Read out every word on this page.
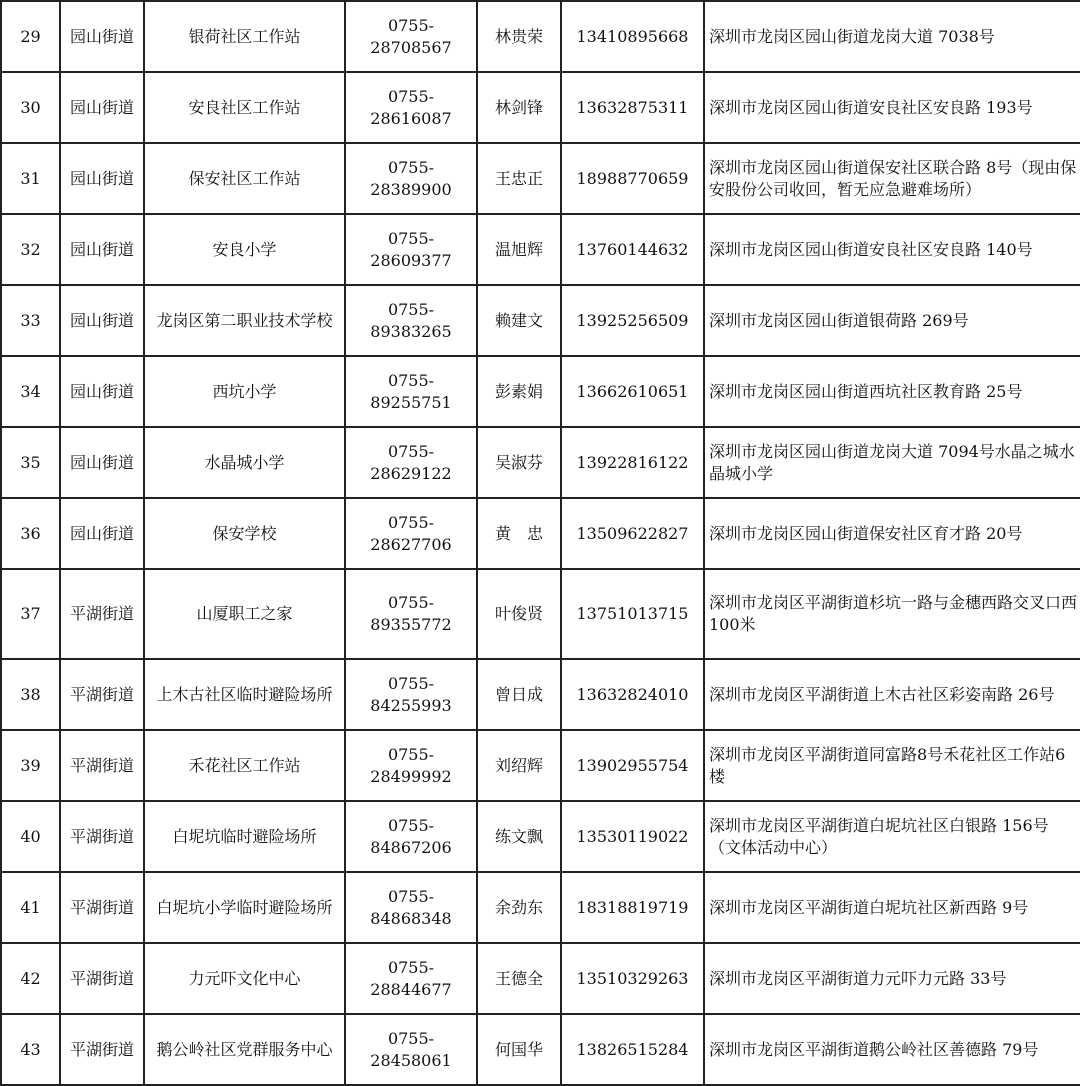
29	园山街道	银荷社区工作站	0755-28708567	林贵荣	13410895668	深圳市龙岗区园山街道龙岗大道 7038号
30	园山街道	安良社区工作站	0755-28616087	林剑锋	13632875311	深圳市龙岗区园山街道安良社区安良路 193号
31	园山街道	保安社区工作站	0755-28389900	王忠正	18988770659	深圳市龙岗区园山街道保安社区联合路 8号（现由保安股份公司收回，暂无应急避难场所）
32	园山街道	安良小学	0755-28609377	温旭辉	13760144632	深圳市龙岗区园山街道安良社区安良路 140号
33	园山街道	龙岗区第二职业技术学校	0755-89383265	赖建文	13925256509	深圳市龙岗区园山街道银荷路 269号
34	园山街道	西坑小学	0755-89255751	彭素娟	13662610651	深圳市龙岗区园山街道西坑社区教育路 25号
35	园山街道	水晶城小学	0755-28629122	吴淑芬	13922816122	深圳市龙岗区园山街道龙岗大道 7094号水晶之城水晶城小学
36	园山街道	保安学校	0755-28627706	黄　忠	13509622827	深圳市龙岗区园山街道保安社区育才路 20号
37	平湖街道	山厦职工之家	0755-89355772	叶俊贤	13751013715	深圳市龙岗区平湖街道杉坑一路与金穗西路交叉口西100米
38	平湖街道	上木古社区临时避险场所	0755-84255993	曾日成	13632824010	深圳市龙岗区平湖街道上木古社区彩姿南路 26号
39	平湖街道	禾花社区工作站	0755-28499992	刘绍辉	13902955754	深圳市龙岗区平湖街道同富路8号禾花社区工作站6楼
40	平湖街道	白坭坑临时避险场所	0755-84867206	练文飘	13530119022	深圳市龙岗区平湖街道白坭坑社区白银路 156号（文体活动中心）
41	平湖街道	白坭坑小学临时避险场所	0755-84868348	余劲东	18318819719	深圳市龙岗区平湖街道白坭坑社区新西路 9号
42	平湖街道	力元吓文化中心	0755-28844677	王德全	13510329263	深圳市龙岗区平湖街道力元吓力元路 33号
43	平湖街道	鹅公岭社区党群服务中心	0755-28458061	何国华	13826515284	深圳市龙岗区平湖街道鹅公岭社区善德路 79号
